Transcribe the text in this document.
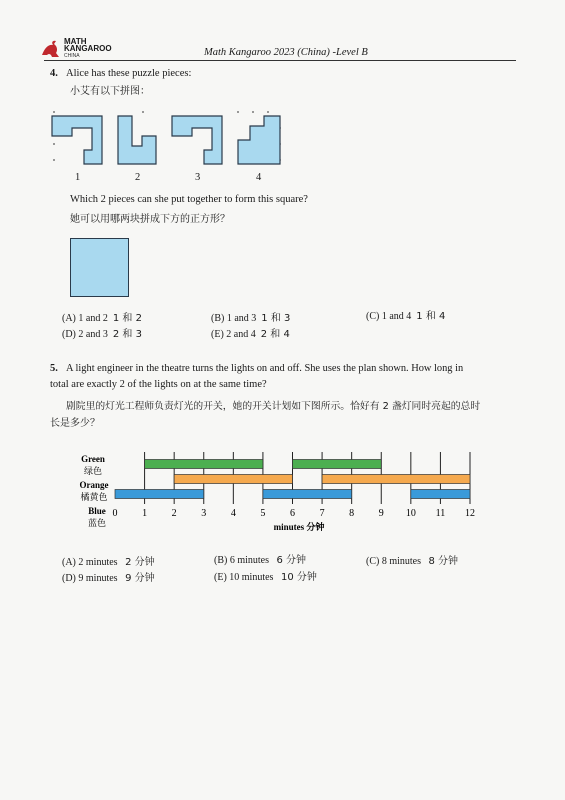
MATH
KANGAROO
CHINA	Math Kangaroo 2023 (China) -Level B
4. Alice has these puzzle pieces:
小艾有以下拼图：
1	2	3	4
Which 2 pieces can she put together to form this square?
她可以用哪两块拼成下方的正方形？
(A) 1 and 2 1 和 2	(B) 1 and 3 1 和 3	(C) 1 and 4 1 和 4
(D) 2 and 3 2 和 3	(E) 2 and 4 2 和 4
5. A light engineer in the theatre turns the lights on and off. She uses the plan shown. How long in
total are exactly 2 of the lights on at the same time?
剧院里的灯光工程师负责灯光的开关，她的开关计划如下图所示。恰好有 2 盏灯同时亮起的总时
长是多少？
0 1 2 3 4 5 6 7 8 9 10 11 12
Green
绿色
Orange
橘黄色
Blue
蓝色	minutes 分钟
(A) 2 minutes 2 分钟	(B) 6 minutes 6 分钟	(C) 8 minutes 8 分钟
(D) 9 minutes 9 分钟	(E) 10 minutes 10 分钟
